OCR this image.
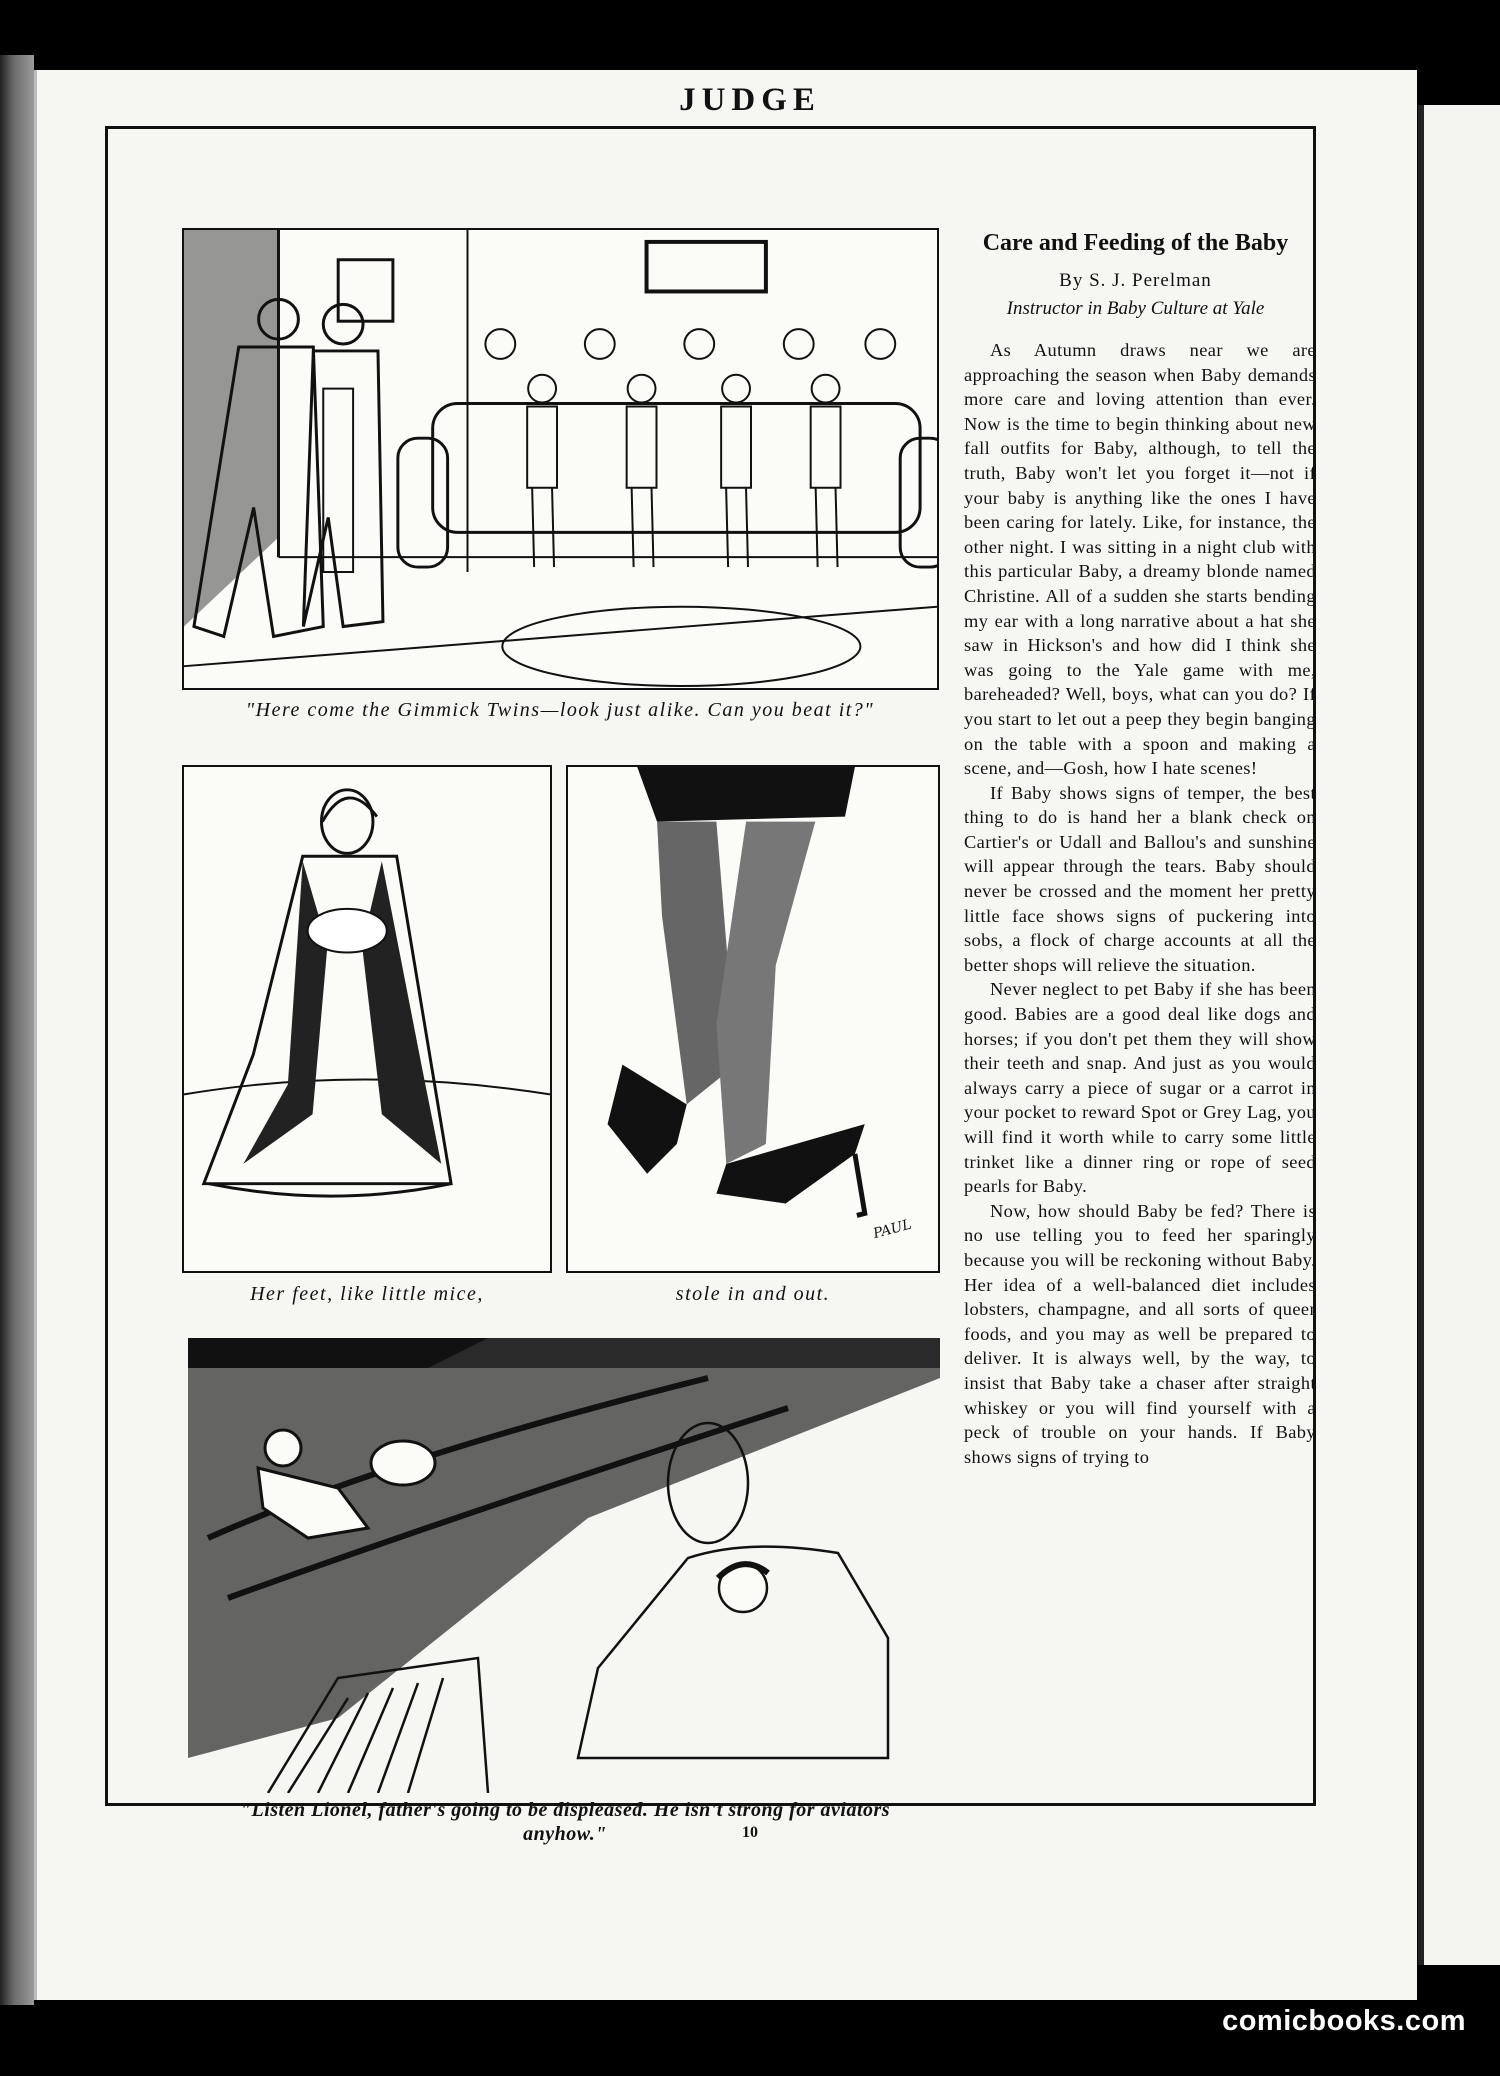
JUDGE
"Here come the Gimmick Twins—look just alike. Can you beat it?"
PAUL
Her feet, like little mice,	stole in and out.
"Listen Lionel, father's going to be displeased. He isn't strong for aviators anyhow."
Care and Feeding of the Baby
By S. J. Perelman
Instructor in Baby Culture at Yale

As Autumn draws near we are approaching the season when Baby demands more care and loving attention than ever. Now is the time to begin thinking about new fall outfits for Baby, although, to tell the truth, Baby won't let you forget it—not if your baby is anything like the ones I have been caring for lately. Like, for instance, the other night. I was sitting in a night club with this particular Baby, a dreamy blonde named Christine. All of a sudden she starts bending my ear with a long narrative about a hat she saw in Hickson's and how did I think she was going to the Yale game with me, bareheaded? Well, boys, what can you do? If you start to let out a peep they begin banging on the table with a spoon and making a scene, and—Gosh, how I hate scenes!

If Baby shows signs of temper, the best thing to do is hand her a blank check on Cartier's or Udall and Ballou's and sunshine will appear through the tears. Baby should never be crossed and the moment her pretty little face shows signs of puckering into sobs, a flock of charge accounts at all the better shops will relieve the situation.

Never neglect to pet Baby if she has been good. Babies are a good deal like dogs and horses; if you don't pet them they will show their teeth and snap. And just as you would always carry a piece of sugar or a carrot in your pocket to reward Spot or Grey Lag, you will find it worth while to carry some little trinket like a dinner ring or rope of seed pearls for Baby.

Now, how should Baby be fed? There is no use telling you to feed her sparingly because you will be reckoning without Baby. Her idea of a well-balanced diet includes lobsters, champagne, and all sorts of queer foods, and you may as well be prepared to deliver. It is always well, by the way, to insist that Baby take a chaser after straight whiskey or you will find yourself with a peck of trouble on your hands. If Baby shows signs of trying to

10
comicbooks.com
